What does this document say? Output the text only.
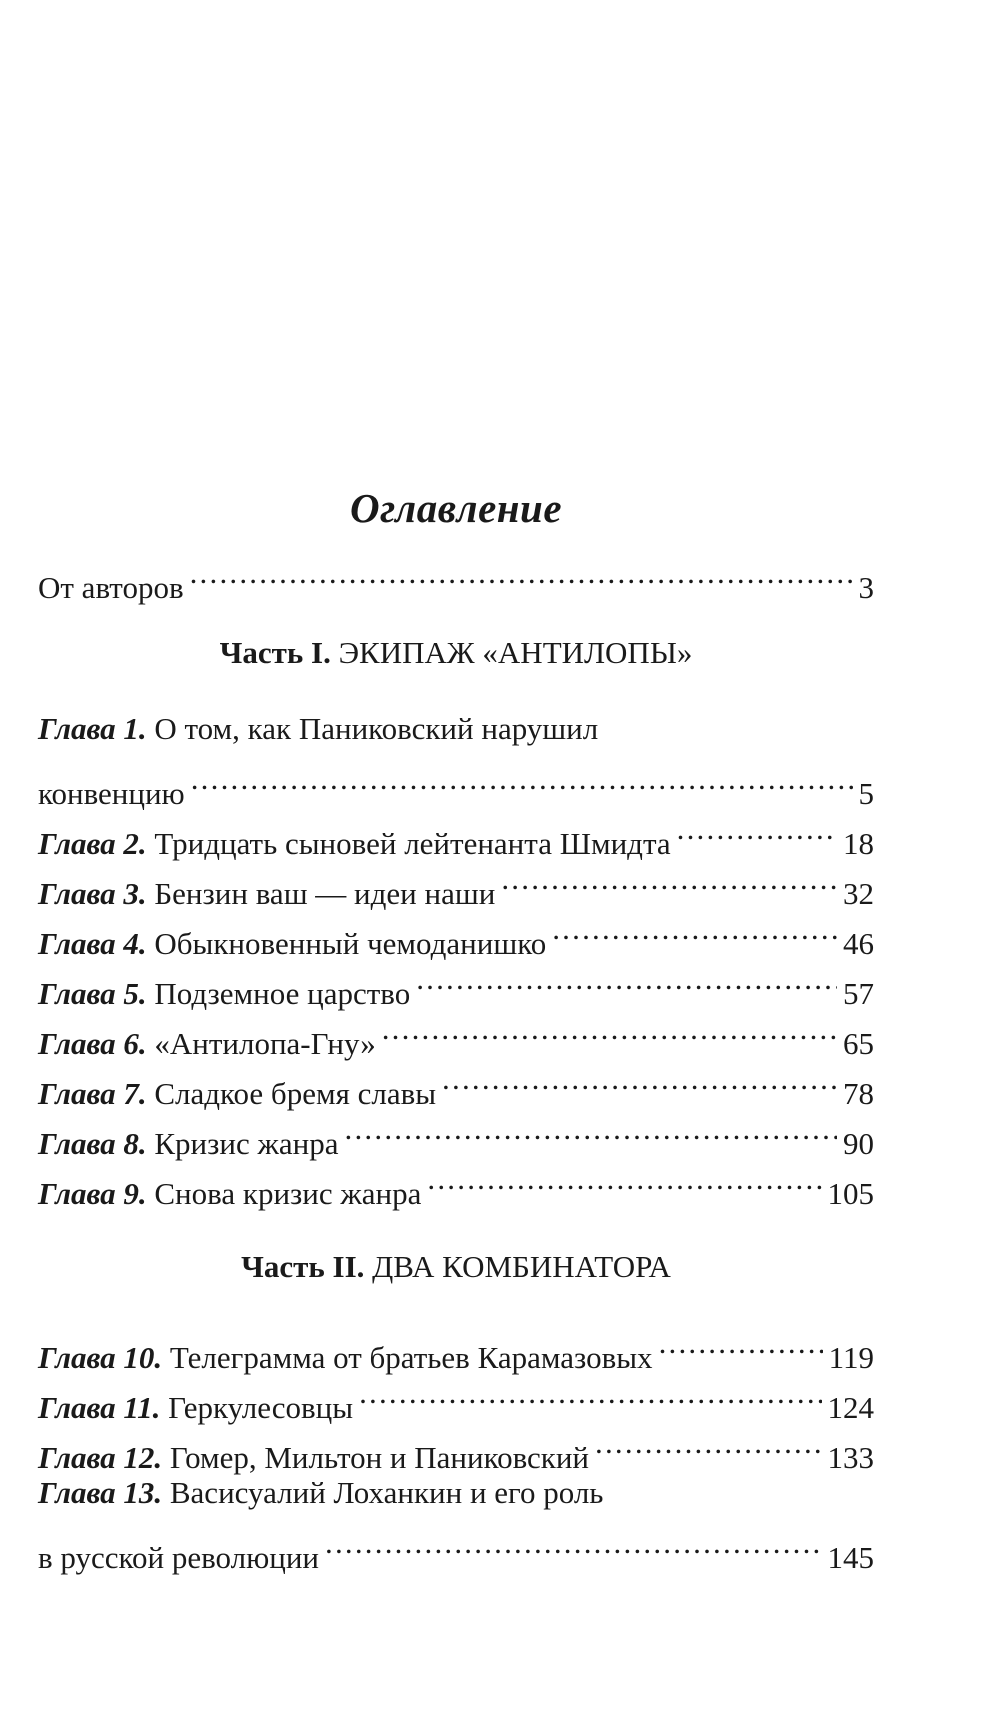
Оглавление
От авторов .....	3
Часть I. ЭКИПАЖ «АНТИЛОПЫ»
Глава 1. О том, как Паниковский нарушил
конвенцию .....	5
Глава 2. Тридцать сыновей лейтенанта Шмидта .....	18
Глава 3. Бензин ваш — идеи наши .....	32
Глава 4. Обыкновенный чемоданишко .....	46
Глава 5. Подземное царство .....	57
Глава 6. «Антилопа-Гну» .....	65
Глава 7. Сладкое бремя славы .....	78
Глава 8. Кризис жанра .....	90
Глава 9. Снова кризис жанра .....	105
Часть II. ДВА КОМБИНАТОРА
Глава 10. Телеграмма от братьев Карамазовых .....	119
Глава 11. Геркулесовцы .....	124
Глава 12. Гомер, Мильтон и Паниковский .....	133
Глава 13. Васисуалий Лоханкин и его роль
в русской революции .....	145
